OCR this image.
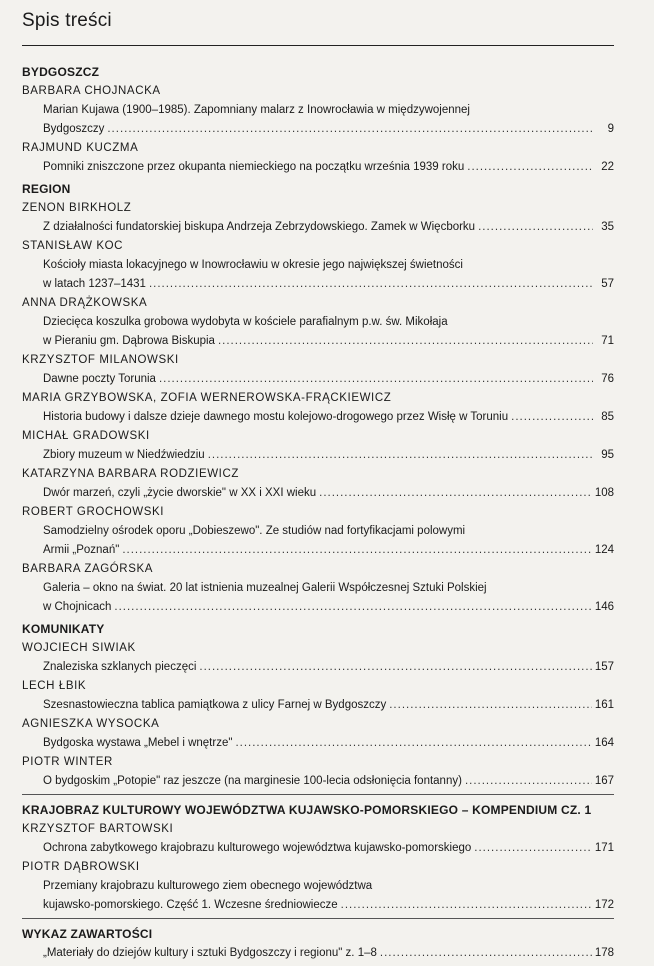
Spis treści
BYDGOSZCZ
BARBARA CHOJNACKA
Marian Kujawa (1900–1985). Zapomniany malarz z Inowrocławia w międzywojennej
Bydgoszczy .....	9
RAJMUND KUCZMA
Pomniki zniszczone przez okupanta niemieckiego na początku września 1939 roku .....	22
REGION
ZENON BIRKHOLZ
Z działalności fundatorskiej biskupa Andrzeja Zebrzydowskiego. Zamek w Więcborku .....	35
STANISŁAW KOC
Kościoły miasta lokacyjnego w Inowrocławiu w okresie jego największej świetności
w latach 1237–1431 .....	57
ANNA DRĄŻKOWSKA
Dziecięca koszulka grobowa wydobyta w kościele parafialnym p.w. św. Mikołaja
w Pieraniu gm. Dąbrowa Biskupia .....	71
KRZYSZTOF MILANOWSKI
Dawne poczty Torunia .....	76
MARIA GRZYBOWSKA, ZOFIA WERNEROWSKA-FRĄCKIEWICZ
Historia budowy i dalsze dzieje dawnego mostu kolejowo-drogowego przez Wisłę w Toruniu .....	85
MICHAŁ GRADOWSKI
Zbiory muzeum w Niedźwiedziu .....	95
KATARZYNA BARBARA RODZIEWICZ
Dwór marzeń, czyli „życie dworskie" w XX i XXI wieku .....	108
ROBERT GROCHOWSKI
Samodzielny ośrodek oporu „Dobieszewo". Ze studiów nad fortyfikacjami polowymi
Armii „Poznań" .....	124
BARBARA ZAGÓRSKA
Galeria – okno na świat. 20 lat istnienia muzealnej Galerii Współczesnej Sztuki Polskiej
w Chojnicach .....	146
KOMUNIKATY
WOJCIECH SIWIAK
Znaleziska szklanych pieczęci .....	157
LECH ŁBIK
Szesnastowieczna tablica pamiątkowa z ulicy Farnej w Bydgoszczy .....	161
AGNIESZKA WYSOCKA
Bydgoska wystawa „Mebel i wnętrze" .....	164
PIOTR WINTER
O bydgoskim „Potopie" raz jeszcze (na marginesie 100-lecia odsłonięcia fontanny) .....	167
KRAJOBRAZ KULTUROWY WOJEWÓDZTWA KUJAWSKO-POMORSKIEGO – KOMPENDIUM CZ. 1
KRZYSZTOF BARTOWSKI
Ochrona zabytkowego krajobrazu kulturowego województwa kujawsko-pomorskiego .....	171
PIOTR DĄBROWSKI
Przemiany krajobrazu kulturowego ziem obecnego województwa
kujawsko-pomorskiego. Część 1. Wczesne średniowiecze .....	172
WYKAZ ZAWARTOŚCI
„Materiały do dziejów kultury i sztuki Bydgoszczy i regionu" z. 1–8 .....	178
